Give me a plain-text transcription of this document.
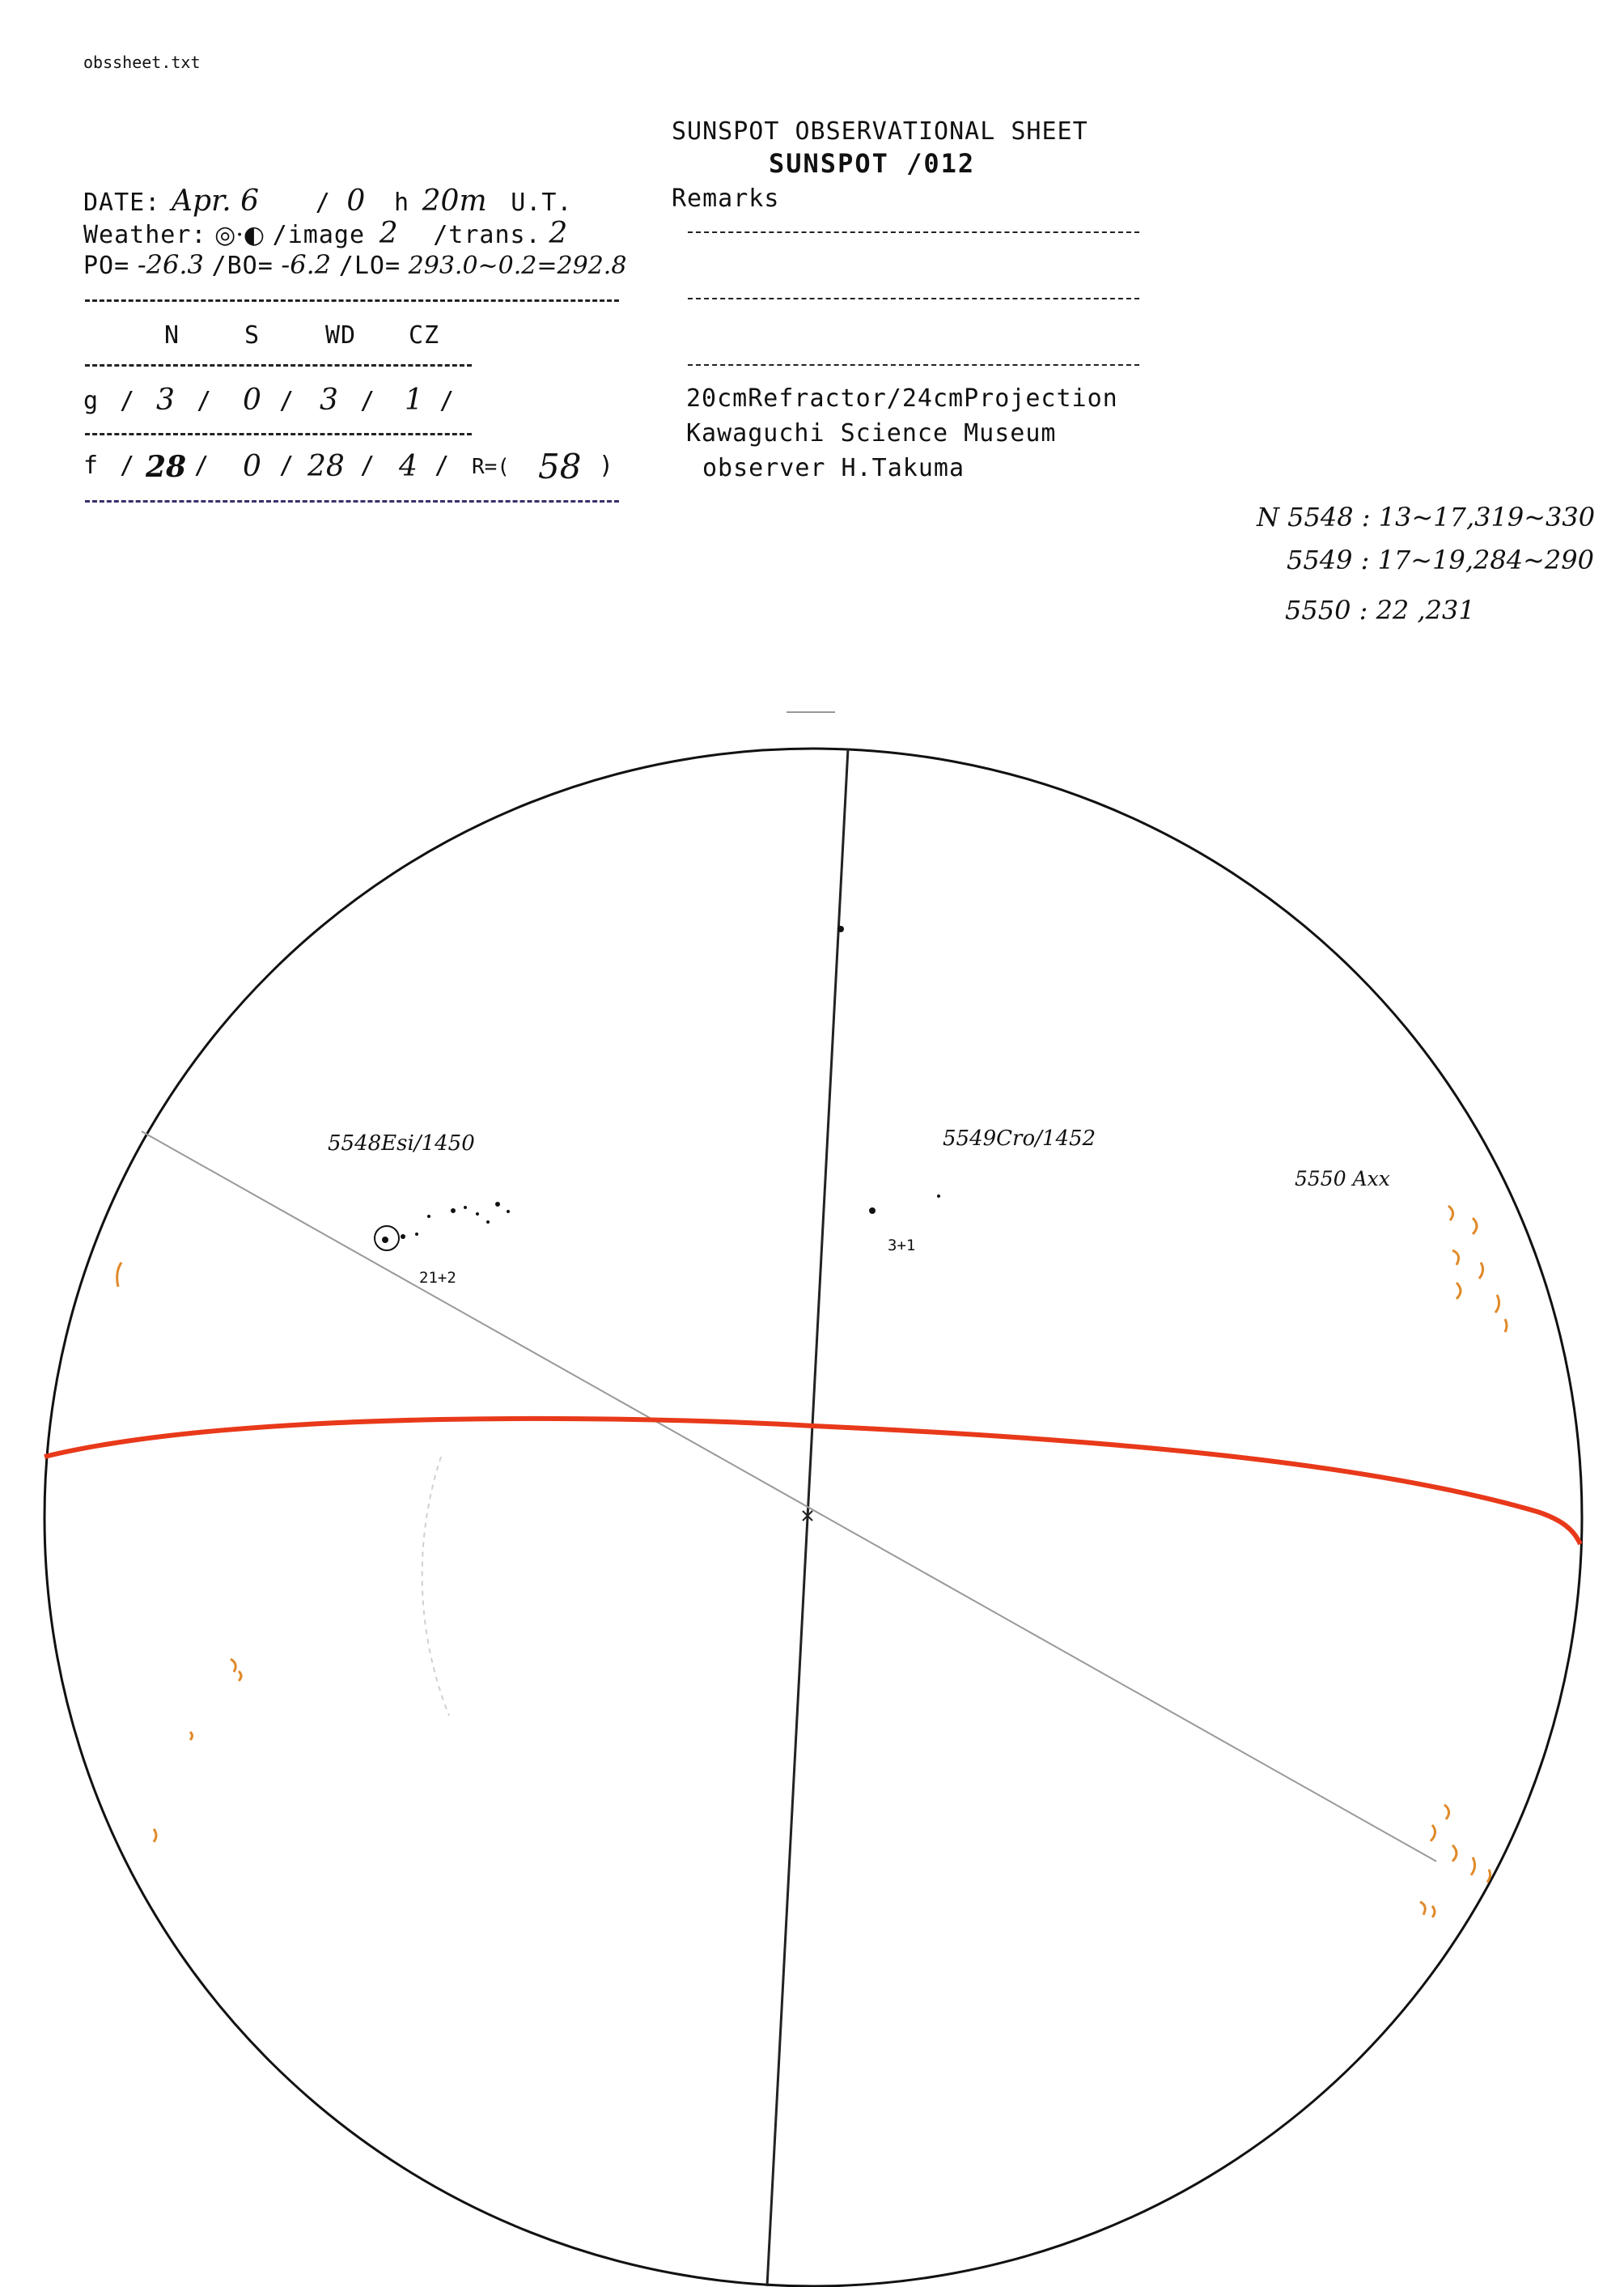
obssheet.txt
SUNSPOT OBSERVATIONAL SHEET
SUNSPOT /012
DATE: Apr. 6 / 0 h 20m U.T.
Weather: ◎·◐ /image 2 /trans. 2
PO= -26.3 /BO= -6.2 /LO= 293.0~0.2=292.8
N	S	WD CZ
g / 3 / 0 / 3 / 1 /
f / 28 / 0 / 28 / 4 / R=( 58 )
Remarks
20cmRefractor/24cmProjection
Kawaguchi Science Museum
observer H.Takuma
N 5548 : 13~17,319~330
5549 : 17~19,284~290
5550 : 22 ,231
5548Esi/1450
21+2
5549Cro/1452
3+1
5550 Axx
